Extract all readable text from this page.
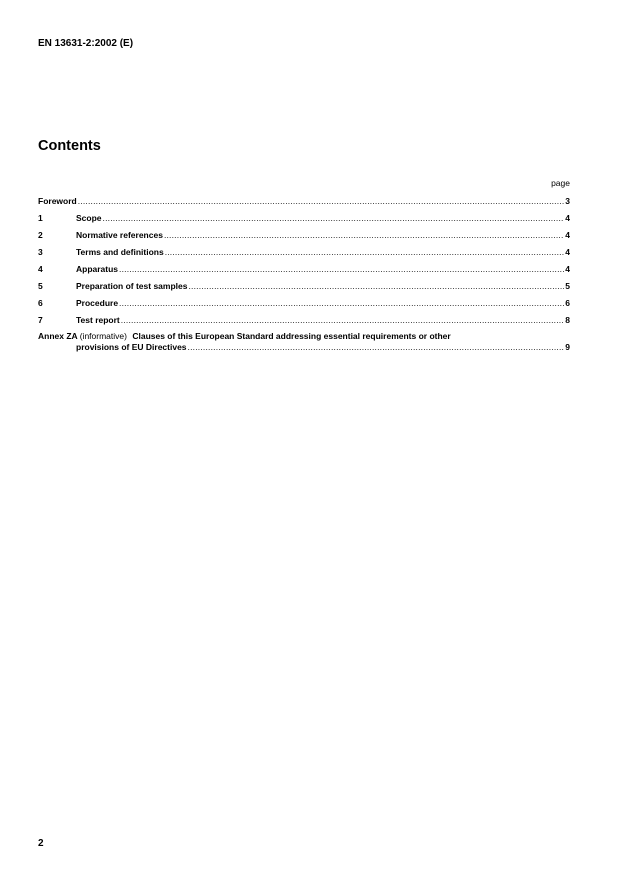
EN 13631-2:2002 (E)
Contents
page
Foreword .....	3
1	Scope .....	4
2	Normative references .....	4
3	Terms and definitions .....	4
4	Apparatus .....	4
5	Preparation of test samples .....	5
6	Procedure .....	6
7	Test report .....	8
Annex ZA (informative) Clauses of this European Standard addressing essential requirements or other
provisions of EU Directives .....	9
2
